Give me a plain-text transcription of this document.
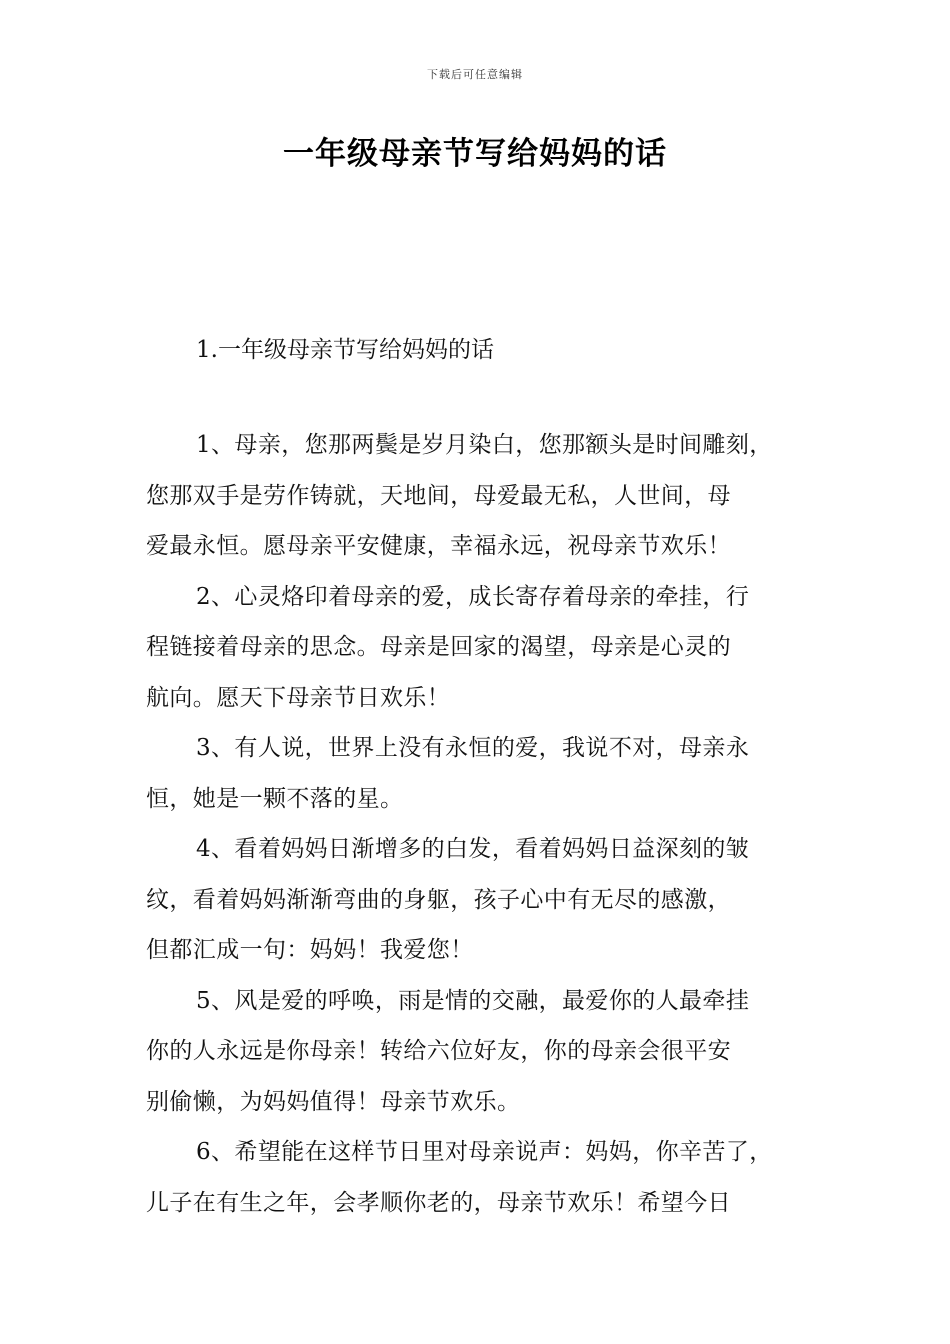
下载后可任意编辑
一年级母亲节写给妈妈的话
1.一年级母亲节写给妈妈的话

1、母亲，您那两鬓是岁月染白，您那额头是时间雕刻，
您那双手是劳作铸就，天地间，母爱最无私，人世间，母
爱最永恒。愿母亲平安健康，幸福永远，祝母亲节欢乐！

2、心灵烙印着母亲的爱，成长寄存着母亲的牵挂，行
程链接着母亲的思念。母亲是回家的渴望，母亲是心灵的
航向。愿天下母亲节日欢乐！

3、有人说，世界上没有永恒的爱，我说不对，母亲永
恒，她是一颗不落的星。

4、看着妈妈日渐增多的白发，看着妈妈日益深刻的皱
纹，看着妈妈渐渐弯曲的身躯，孩子心中有无尽的感激，
但都汇成一句：妈妈！我爱您！

5、风是爱的呼唤，雨是情的交融，最爱你的人最牵挂
你的人永远是你母亲！转给六位好友，你的母亲会很平安
别偷懒，为妈妈值得！母亲节欢乐。

6、希望能在这样节日里对母亲说声：妈妈，你辛苦了，
儿子在有生之年，会孝顺你老的，母亲节欢乐！希望今日
